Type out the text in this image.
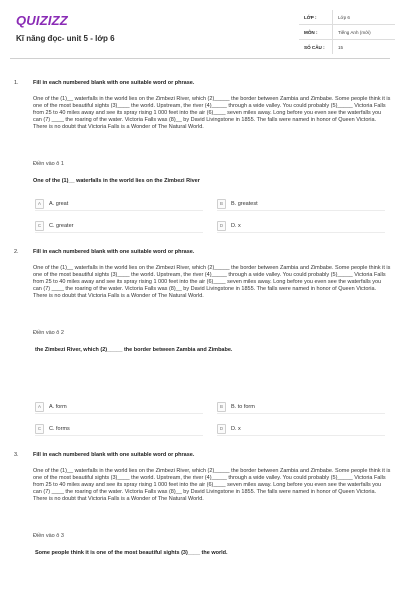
QUIZIZZ
Kĩ năng đọc- unit 5 - lớp 6
LỚP :	Lớp 6
MÔN :	Tiếng Anh (mới)
SỐ CÂU :	15
1.	Fill in each numbered blank with one suitable word or phrase.

One of the (1)__ waterfalls in the world lies on the Zimbezi River, which (2)_____ the border between Zambia and Zimbabe. Some people think it is one of the most beautiful sights (3)____ the world. Upstream, the river (4)_____ through a wide valley. You could probably (5)_____ Victoria Falls from 25 to 40 miles away and see its spray rising 1 000 feet into the air (6)____ seven miles away. Long before you even see the waterfalls you can (7) ____ the roaring of the water. Victoria Falls was (8)__ by David Livingstone in 1855. The falls were named in honor of Queen Victoria. There is no doubt that Victoria Falls is a Wonder of The Natural World.

Điền vào ô 1
One of the (1)__ waterfalls in the world lies on the Zimbezi River
A	A. great	B	B. greatest
C	C. greater	D	D. x
2.	Fill in each numbered blank with one suitable word or phrase.

One of the (1)__ waterfalls in the world lies on the Zimbezi River, which (2)_____ the border between Zambia and Zimbabe. Some people think it is one of the most beautiful sights (3)____ the world. Upstream, the river (4)_____ through a wide valley. You could probably (5)_____ Victoria Falls from 25 to 40 miles away and see its spray rising 1 000 feet into the air (6)____ seven miles away. Long before you even see the waterfalls you can (7) ____ the roaring of the water. Victoria Falls was (8)__ by David Livingstone in 1855. The falls were named in honor of Queen Victoria. There is no doubt that Victoria Falls is a Wonder of The Natural World.

Điền vào ô 2
the Zimbezi River, which (2)_____ the border between Zambia and Zimbabe.
A	A. form	B	B. to form
C	C. forms	D	D. x
3.	Fill in each numbered blank with one suitable word or phrase.

One of the (1)__ waterfalls in the world lies on the Zimbezi River, which (2)_____ the border between Zambia and Zimbabe. Some people think it is one of the most beautiful sights (3)____ the world. Upstream, the river (4)_____ through a wide valley. You could probably (5)_____ Victoria Falls from 25 to 40 miles away and see its spray rising 1 000 feet into the air (6)____ seven miles away. Long before you even see the waterfalls you can (7) ____ the roaring of the water. Victoria Falls was (8)__ by David Livingstone in 1855. The falls were named in honor of Queen Victoria. There is no doubt that Victoria Falls is a Wonder of The Natural World.

Điền vào ô 3
Some people think it is one of the most beautiful sights (3)____ the world.
